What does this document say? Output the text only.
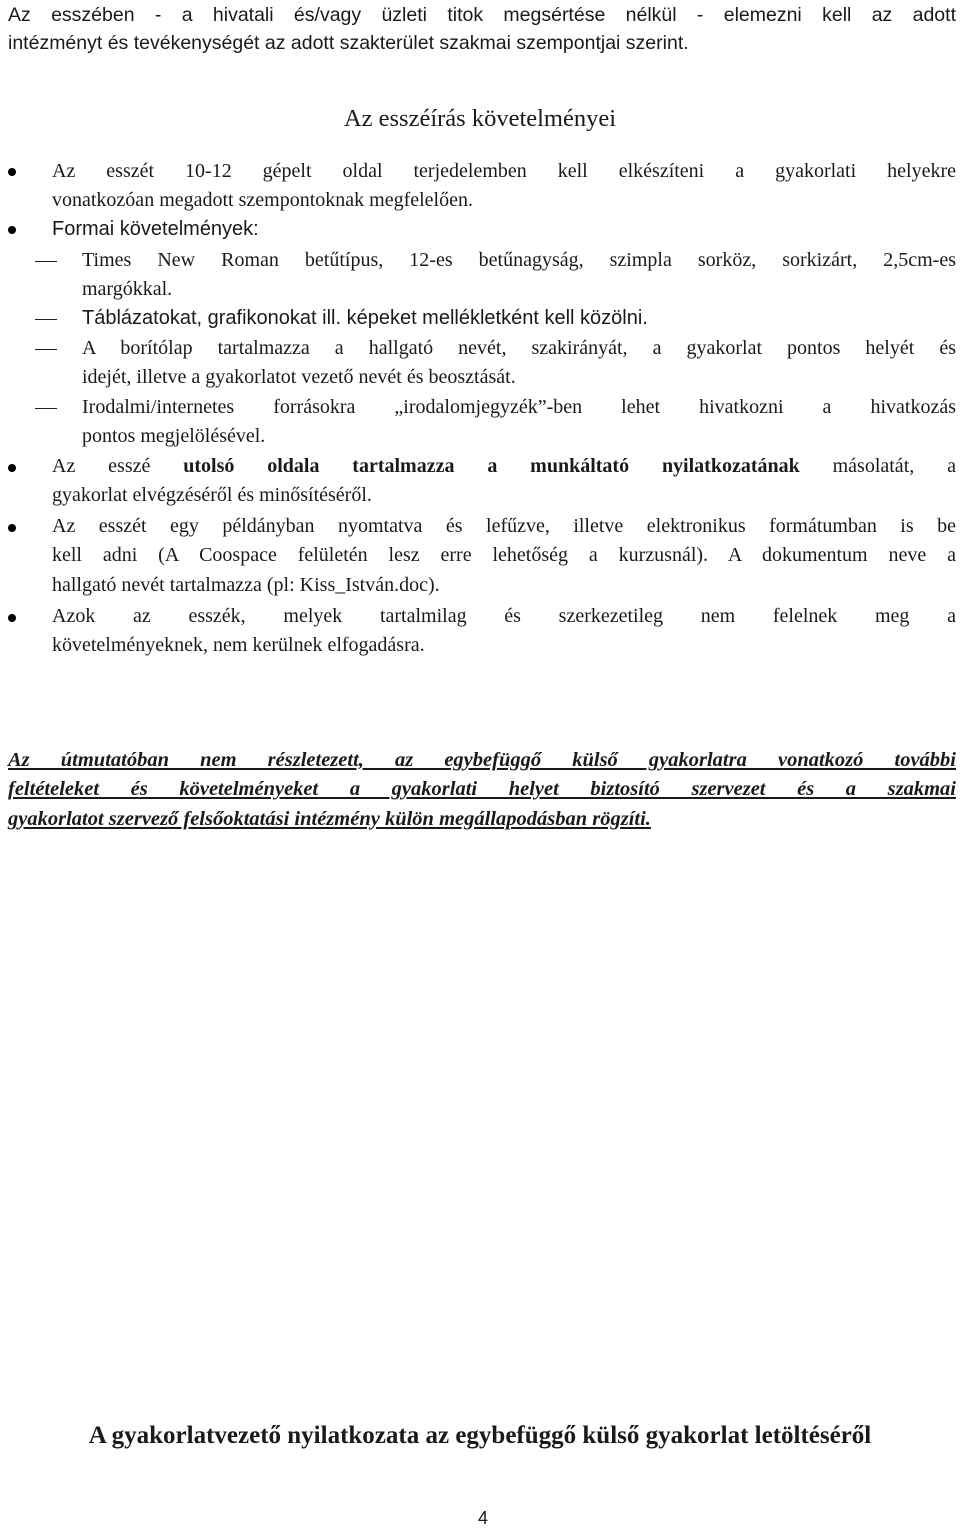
Az esszében - a hivatali és/vagy üzleti titok megsértése nélkül - elemezni kell az adott
intézményt és tevékenységét az adott szakterület szakmai szempontjai szerint.
Az esszéírás követelményei
Az esszét 10-12 gépelt oldal terjedelemben kell elkészíteni a gyakorlati helyekre
vonatkozóan megadott szempontoknak megfelelően.
Formai követelmények:
Times New Roman betűtípus, 12-es betűnagyság, szimpla sorköz, sorkizárt, 2,5cm-es
margókkal.
Táblázatokat, grafikonokat ill. képeket mellékletként kell közölni.
A borítólap tartalmazza a hallgató nevét, szakirányát, a gyakorlat pontos helyét és
idejét, illetve a gyakorlatot vezető nevét és beosztását.
Irodalmi/internetes forrásokra „irodalomjegyzék”-ben lehet hivatkozni a hivatkozás
pontos megjelölésével.
Az esszé utolsó oldala tartalmazza a munkáltató nyilatkozatának másolatát, a
gyakorlat elvégzéséről és minősítéséről.
Az esszét egy példányban nyomtatva és lefűzve, illetve elektronikus formátumban is be
kell adni (A Coospace felületén lesz erre lehetőség a kurzusnál). A dokumentum neve a
hallgató nevét tartalmazza (pl: Kiss_István.doc).
Azok az esszék, melyek tartalmilag és szerkezetileg nem felelnek meg a
követelményeknek, nem kerülnek elfogadásra.
Az útmutatóban nem részletezett, az egybefüggő külső gyakorlatra vonatkozó további
feltételeket és követelményeket a gyakorlati helyet biztosító szervezet és a szakmai
gyakorlatot szervező felsőoktatási intézmény külön megállapodásban rögzíti.
A gyakorlatvezető nyilatkozata az egybefüggő külső gyakorlat letöltéséről
4
